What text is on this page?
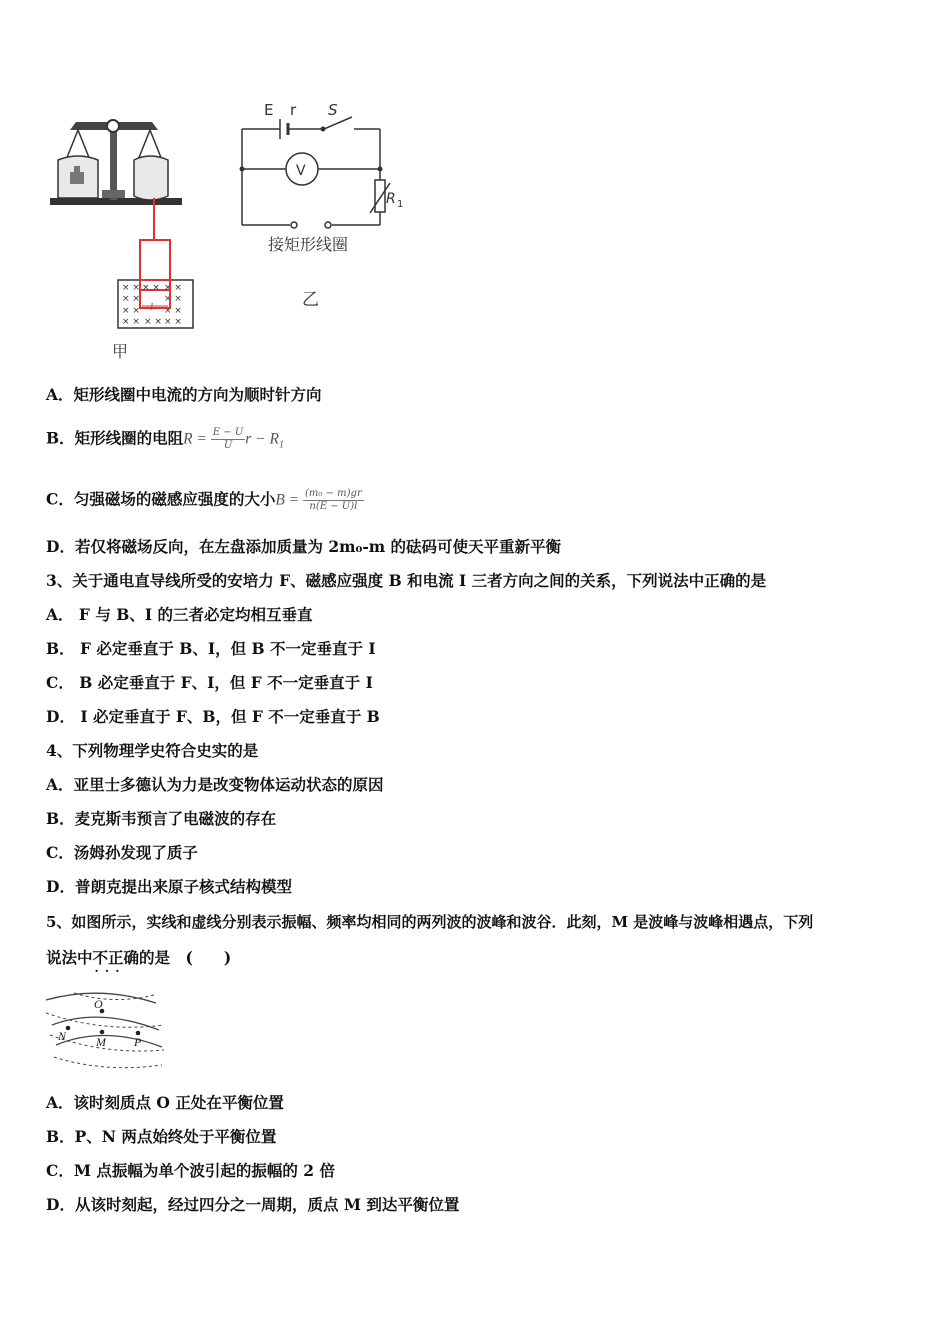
× × × × × ×
× ×	× ×
× ×	× ×
× × × × × ×
l
甲
E r S
V
R 1
接矩形线圈
乙
A．矩形线圈中电流的方向为顺时针方向
B．矩形线圈的电阻$R = \frac{E - U}{U}$ $r - R_1$
C．匀强磁场的磁感应强度的大小$B = \frac{\text{(m₀ − m)gr}}{n(E - U)l}$
D．若仅将磁场反向，在左盘添加质量为 2m₀-m 的砝码可使天平重新平衡
3、关于通电直导线所受的安培力 F、磁感应强度 B 和电流 I 三者方向之间的关系，下列说法中正确的是
A． F 与 B、I 的三者必定均相互垂直
B． F 必定垂直于 B、I，但 B 不一定垂直于 I
C． B 必定垂直于 F、I，但 F 不一定垂直于 I
D． I 必定垂直于 F、B，但 F 不一定垂直于 B
4、下列物理学史符合史实的是
A．亚里士多德认为力是改变物体运动状态的原因
B．麦克斯韦预言了电磁波的存在
C．汤姆孙发现了质子
D．普朗克提出来原子核式结构模型
5、如图所示，实线和虚线分别表示振幅、频率均相同的两列波的波峰和波谷．此刻，M 是波峰与波峰相遇点，下列
说法中不正确 · · ·的是　(　　)
O
N M P
A．该时刻质点 O 正处在平衡位置
B．P、N 两点始终处于平衡位置
C．M 点振幅为单个波引起的振幅的 2 倍
D．从该时刻起，经过四分之一周期，质点 M 到达平衡位置
